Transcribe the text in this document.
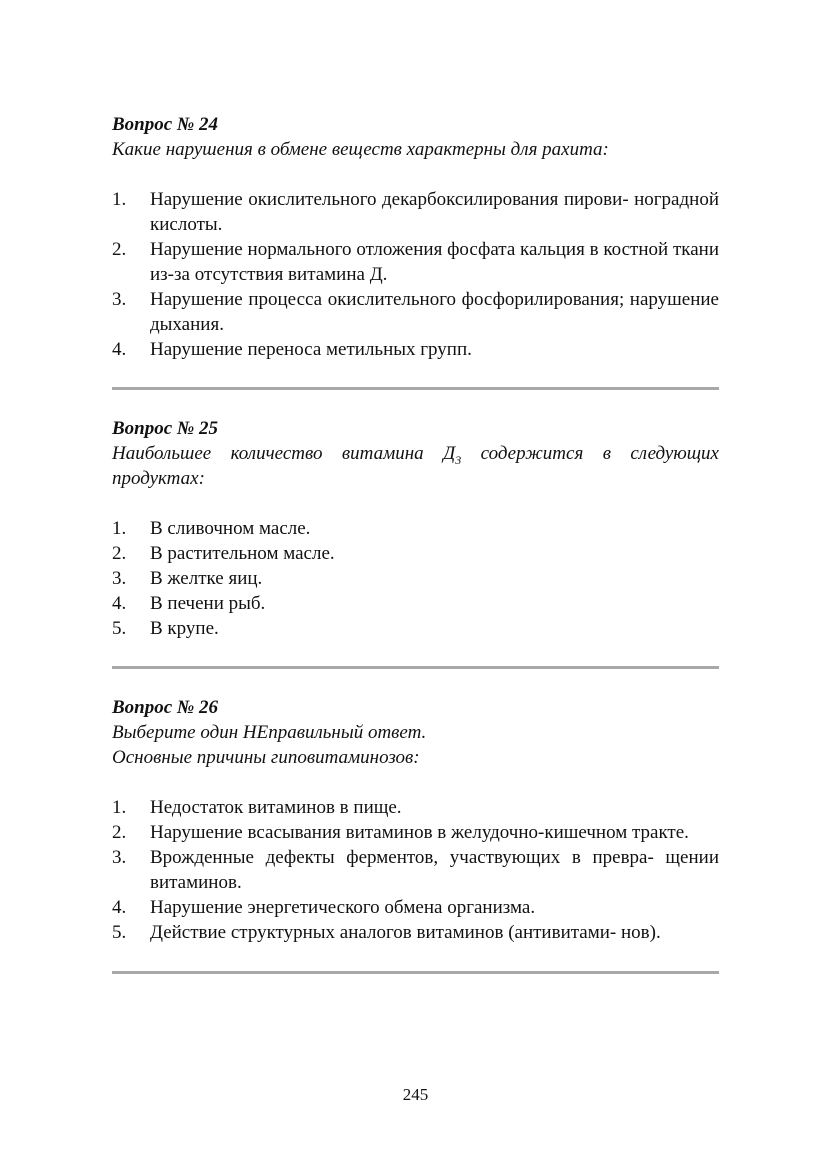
Вопрос № 24

Какие нарушения в обмене веществ характерны для рахита:

1. Нарушение окислительного декарбоксилирования пирови- ноградной кислоты.
2. Нарушение нормального отложения фосфата кальция в костной ткани из-за отсутствия витамина Д.
3. Нарушение процесса окислительного фосфорилирования; нарушение дыхания.
4. Нарушение переноса метильных групп.

Вопрос № 25

Наибольшее количество витамина $Д_3$ содержится в следующих продуктах:

1. В сливочном масле.
2. В растительном масле.
3. В желтке яиц.
4. В печени рыб.
5. В крупе.

Вопрос № 26

Выберите один НЕправильный ответ.

Основные причины гиповитаминозов:

1. Недостаток витаминов в пище.
2. Нарушение всасывания витаминов в желудочно-кишечном тракте.
3. Врожденные дефекты ферментов, участвующих в превра- щении витаминов.
4. Нарушение энергетического обмена организма.
5. Действие структурных аналогов витаминов (антивитами- нов).
245
